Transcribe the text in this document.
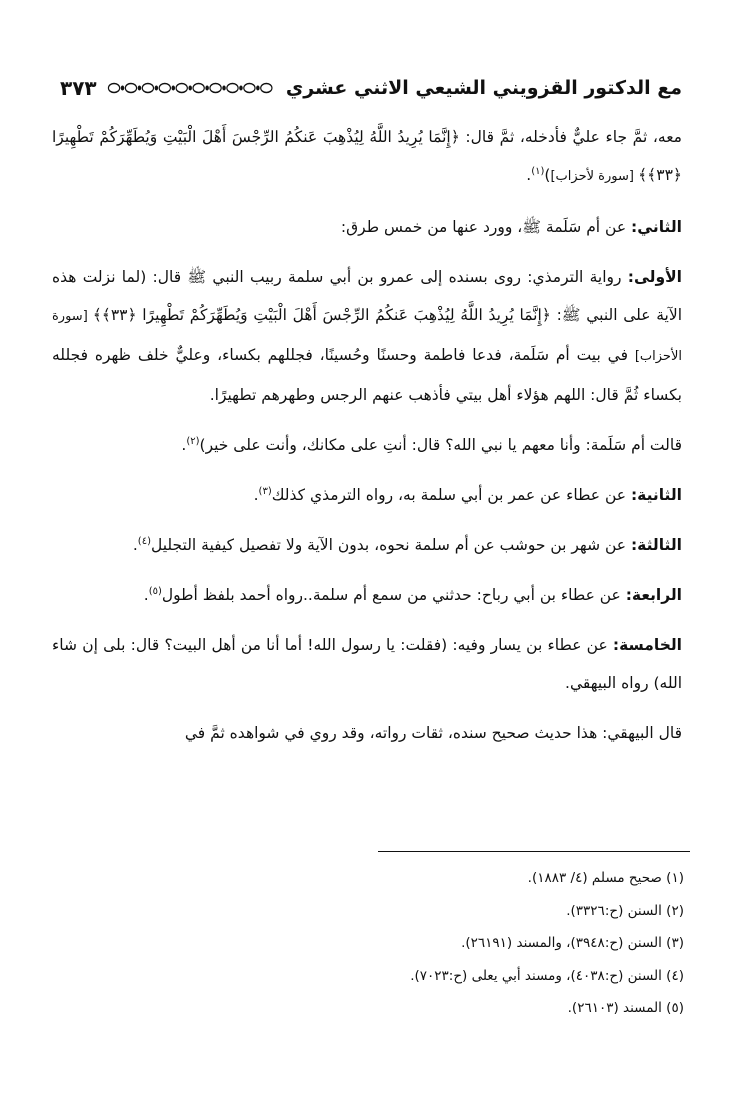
مع الدكتور القزويني الشيعي الاثني عشري
٣٧٣

معه، ثمَّ جاء عليٌّ فأدخله، ثمَّ قال: ﴿إِنَّمَا يُرِيدُ اللَّهُ لِيُذْهِبَ عَنكُمُ الرِّجْسَ أَهْلَ الْبَيْتِ وَيُطَهِّرَكُمْ تَطْهِيرًا ﴿٣٣﴾﴾ [سورة لأحزاب])$^{(١)}$.

الثاني: عن أم سَلَمة ﷺ، وورد عنها من خمس طرق:

الأولى: رواية الترمذي: روى بسنده إلى عمرو بن أبي سلمة ربيب النبي ﷺ قال: (لما نزلت هذه الآية على النبي ﷺ: ﴿إِنَّمَا يُرِيدُ اللَّهُ لِيُذْهِبَ عَنكُمُ الرِّجْسَ أَهْلَ الْبَيْتِ وَيُطَهِّرَكُمْ تَطْهِيرًا ﴿٣٣﴾﴾ [سورة الأحزاب] في بيت أم سَلَمة، فدعا فاطمة وحسنًا وحُسينًا، فجللهم بكساء، وعليٌّ خلف ظهره فجلله بكساء ثُمَّ قال: اللهم هؤلاء أهل بيتي فأذهب عنهم الرجس وطهرهم تطهيرًا.

قالت أم سَلَمة: وأنا معهم يا نبي الله؟ قال: أنتِ على مكانك، وأنت على خير)$^{(٢)}$.

الثانية: عن عطاء عن عمر بن أبي سلمة به، رواه الترمذي كذلك$^{(٣)}$.

الثالثة: عن شهر بن حوشب عن أم سلمة نحوه، بدون الآية ولا تفصيل كيفية التجليل$^{(٤)}$.

الرابعة: عن عطاء بن أبي رباح: حدثني من سمع أم سلمة..رواه أحمد بلفظ أطول$^{(٥)}$.

الخامسة: عن عطاء بن يسار وفيه: (فقلت: يا رسول الله! أما أنا من أهل البيت؟ قال: بلى إن شاء الله) رواه البيهقي.

قال البيهقي: هذا حديث صحيح سنده، ثقات رواته، وقد روي في شواهده ثمَّ في

(١) صحيح مسلم (٤/ ١٨٨٣).
(٢) السنن (ح:٣٣٢٦).
(٣) السنن (ح:٣٩٤٨)، والمسند (٢٦١٩١).
(٤) السنن (ح:٤٠٣٨)، ومسند أبي يعلى (ح:٧٠٢٣).
(٥) المسند (٢٦١٠٣).
